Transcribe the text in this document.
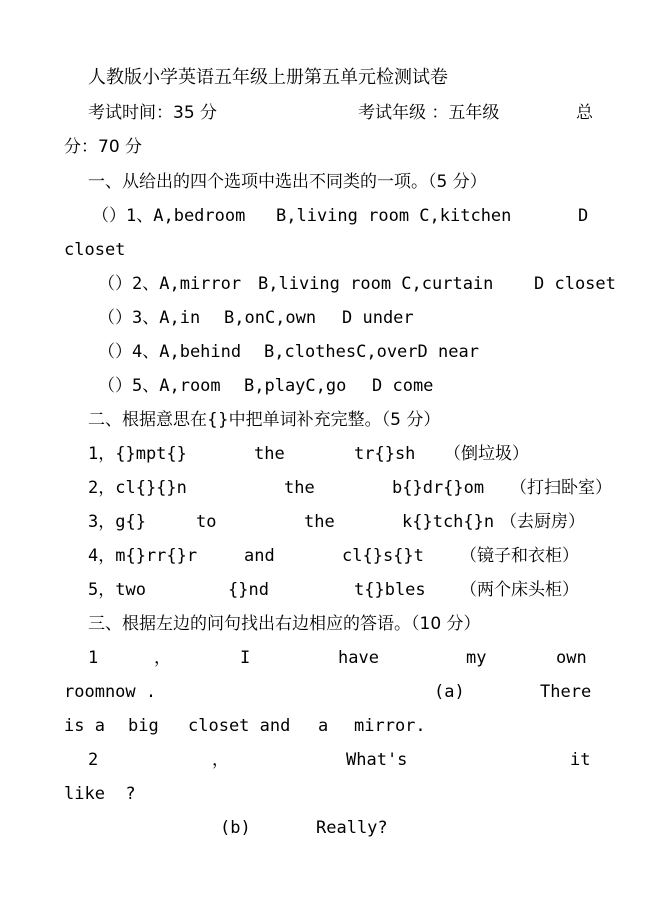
人教版小学英语五年级上册第五单元检测试卷
考试时间：35 分	考试年级 ：五年级	总
分：70 分
一、从给出的四个选项中选出不同类的一项。（5 分）
（）1、A,bedroom B,living room C,kitchen	D
closet
（）2、A,mirror B,living room C,curtain D closet
（）3、A,in B,onC,own D under
（）4、A,behind B,clothesC,overD near
（）5、A,room B,playC,go D come
二、根据意思在{}中把单词补充完整。（5 分）
1，{}mpt{}	the	tr{}sh （倒垃圾）
2，cl{}{}n	the	b{}dr{}om （打扫卧室）
3，g{}	to	the	k{}tch{}n （去厨房）
4，m{}rr{}r	and	cl{}s{}t （镜子和衣柜）
5，two	{}nd	t{}bles （两个床头柜）
三、根据左边的问句找出右边相应的答语。（10 分）
1	，	I	have	my	own
roomnow .	(a)	There
is a big closet and a mirror.
2	，	What's	it
like  ?
(b)	Really?
